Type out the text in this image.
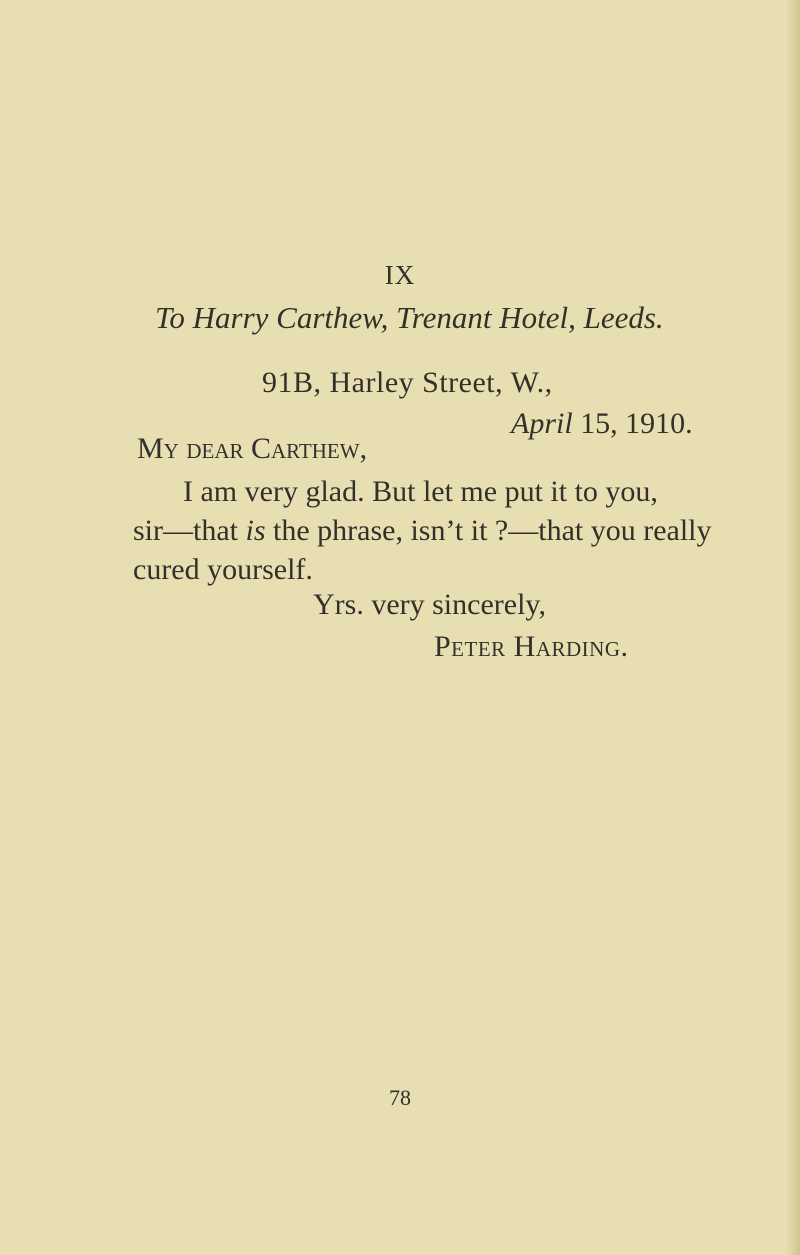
IX
To Harry Carthew, Trenant Hotel, Leeds.
91B, Harley Street, W.,
April 15, 1910.
My dear Carthew,
I am very glad. But let me put it to you,
sir—that is the phrase, isn’t it ?—that you really
cured yourself.
Yrs. very sincerely,
Peter Harding.
78
